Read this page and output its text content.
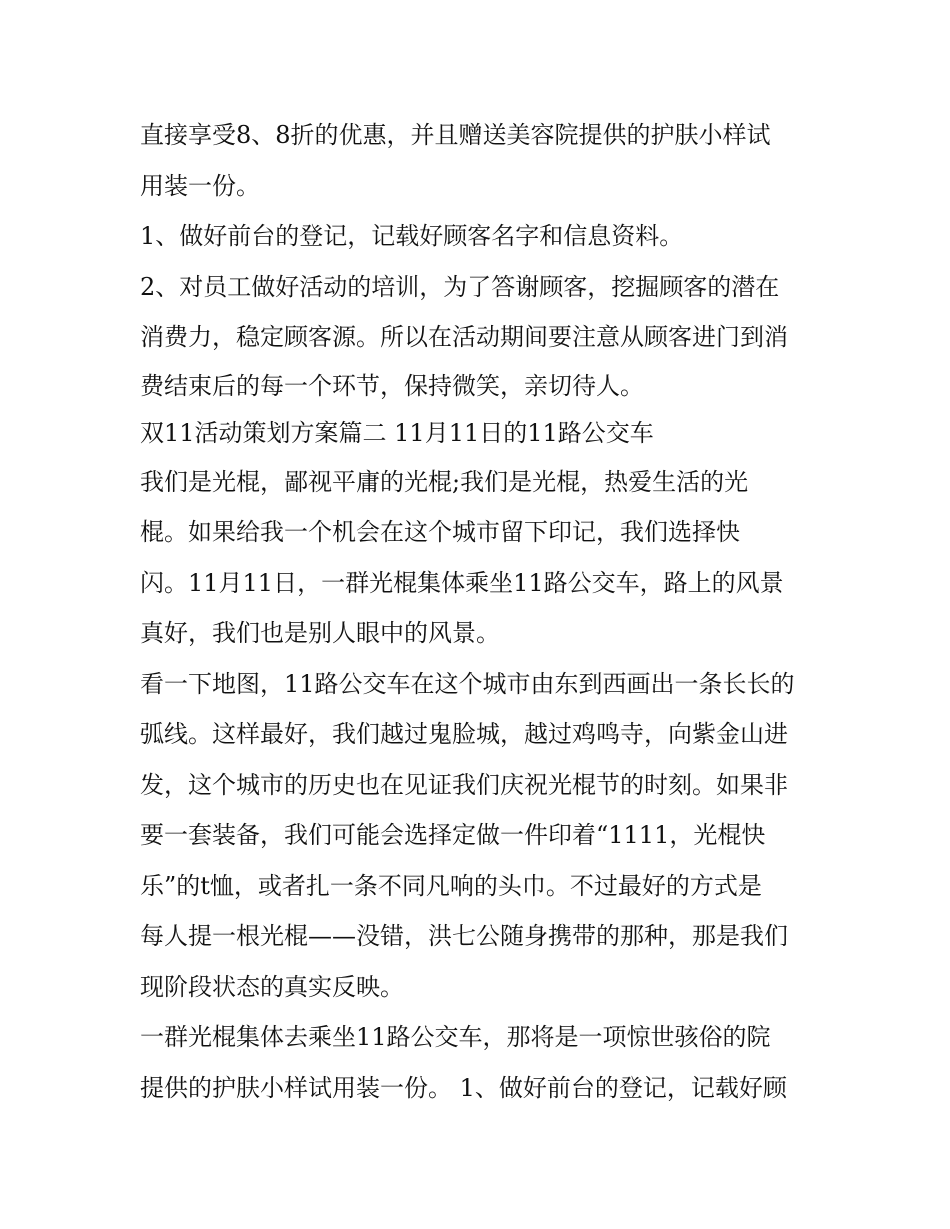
直接享受8、8折的优惠，并且赠送美容院提供的护肤小样试
用装一份。
1、做好前台的登记，记载好顾客名字和信息资料。
2、对员工做好活动的培训，为了答谢顾客，挖掘顾客的潜在
消费力，稳定顾客源。所以在活动期间要注意从顾客进门到消
费结束后的每一个环节，保持微笑，亲切待人。
双11活动策划方案篇二 11月11日的11路公交车
我们是光棍，鄙视平庸的光棍;我们是光棍，热爱生活的光
棍。如果给我一个机会在这个城市留下印记，我们选择快
闪。11月11日，一群光棍集体乘坐11路公交车，路上的风景
真好，我们也是别人眼中的风景。
看一下地图，11路公交车在这个城市由东到西画出一条长长的
弧线。这样最好，我们越过鬼脸城，越过鸡鸣寺，向紫金山进
发，这个城市的历史也在见证我们庆祝光棍节的时刻。如果非
要一套装备，我们可能会选择定做一件印着“1111，光棍快
乐”的t恤，或者扎一条不同凡响的头巾。不过最好的方式是
每人提一根光棍——没错，洪七公随身携带的那种，那是我们
现阶段状态的真实反映。
一群光棍集体去乘坐11路公交车，那将是一项惊世骇俗的院
提供的护肤小样试用装一份。 1、做好前台的登记，记载好顾
